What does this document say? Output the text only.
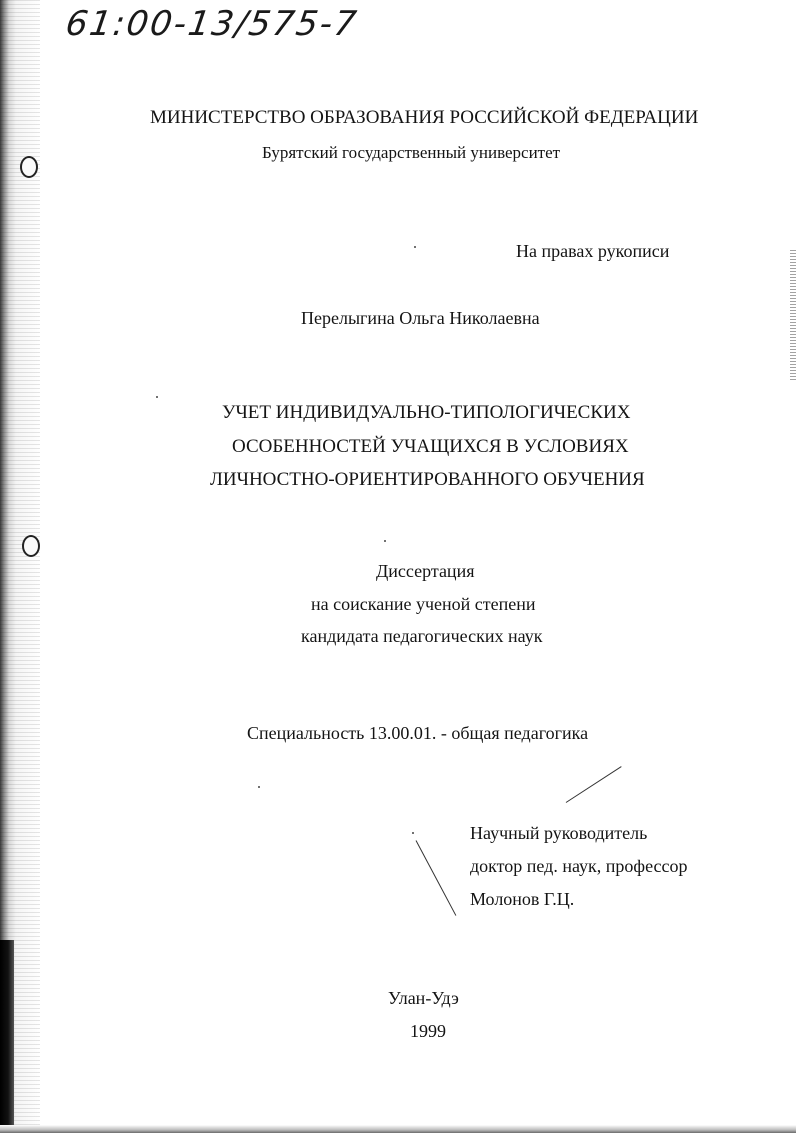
61:00-13/575-7

МИНИСТЕРСТВО ОБРАЗОВАНИЯ РОССИЙСКОЙ ФЕДЕРАЦИИ

Бурятский государственный университет

На правах рукописи

Перелыгина Ольга Николаевна

УЧЕТ ИНДИВИДУАЛЬНО-ТИПОЛОГИЧЕСКИХ

ОСОБЕННОСТЕЙ УЧАЩИХСЯ В УСЛОВИЯХ

ЛИЧНОСТНО-ОРИЕНТИРОВАННОГО ОБУЧЕНИЯ

Диссертация

на соискание ученой степени

кандидата педагогических наук

Специальность 13.00.01. - общая педагогика

Научный руководитель

доктор пед. наук, профессор

Молонов Г.Ц.

Улан-Удэ

1999
